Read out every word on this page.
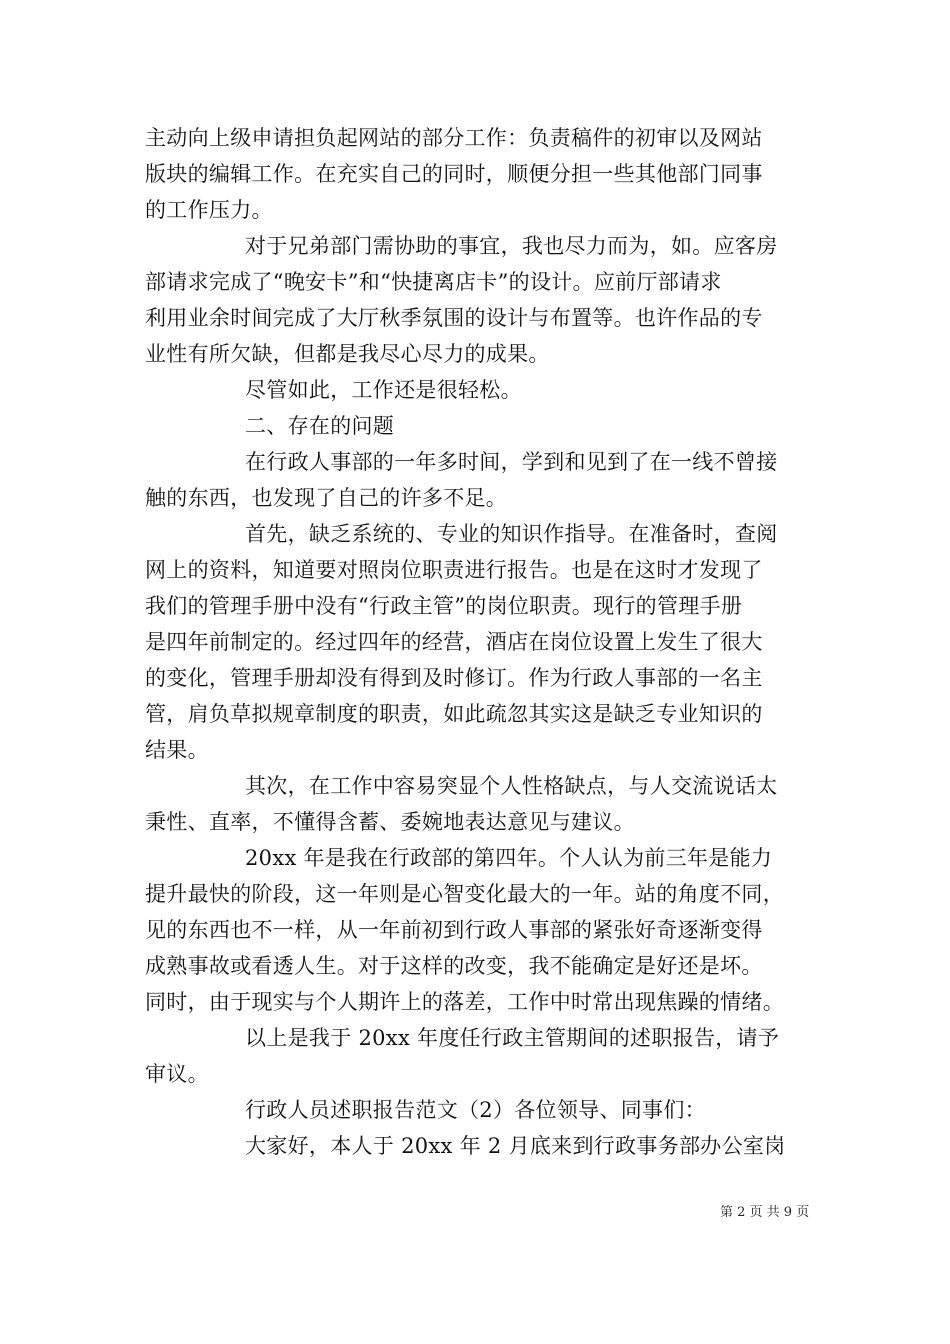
主动向上级申请担负起网站的部分工作：负责稿件的初审以及网站
版块的编辑工作。在充实自己的同时，顺便分担一些其他部门同事
的工作压力。
对于兄弟部门需协助的事宜，我也尽力而为，如。应客房
部请求完成了“晚安卡”和“快捷离店卡”的设计。应前厅部请求
利用业余时间完成了大厅秋季氛围的设计与布置等。也许作品的专
业性有所欠缺，但都是我尽心尽力的成果。
尽管如此，工作还是很轻松。
二、存在的问题
在行政人事部的一年多时间，学到和见到了在一线不曾接
触的东西，也发现了自己的许多不足。
首先，缺乏系统的、专业的知识作指导。在准备时，查阅
网上的资料，知道要对照岗位职责进行报告。也是在这时才发现了
我们的管理手册中没有“行政主管”的岗位职责。现行的管理手册
是四年前制定的。经过四年的经营，酒店在岗位设置上发生了很大
的变化，管理手册却没有得到及时修订。作为行政人事部的一名主
管，肩负草拟规章制度的职责，如此疏忽其实这是缺乏专业知识的
结果。
其次，在工作中容易突显个人性格缺点，与人交流说话太
秉性、直率，不懂得含蓄、委婉地表达意见与建议。
20xx 年是我在行政部的第四年。个人认为前三年是能力
提升最快的阶段，这一年则是心智变化最大的一年。站的角度不同，
见的东西也不一样，从一年前初到行政人事部的紧张好奇逐渐变得
成熟事故或看透人生。对于这样的改变，我不能确定是好还是坏。
同时，由于现实与个人期许上的落差，工作中时常出现焦躁的情绪。
以上是我于 20xx 年度任行政主管期间的述职报告，请予
审议。
行政人员述职报告范文（2）各位领导、同事们：
大家好，本人于 20xx 年 2 月底来到行政事务部办公室岗
第 2 页 共 9 页
